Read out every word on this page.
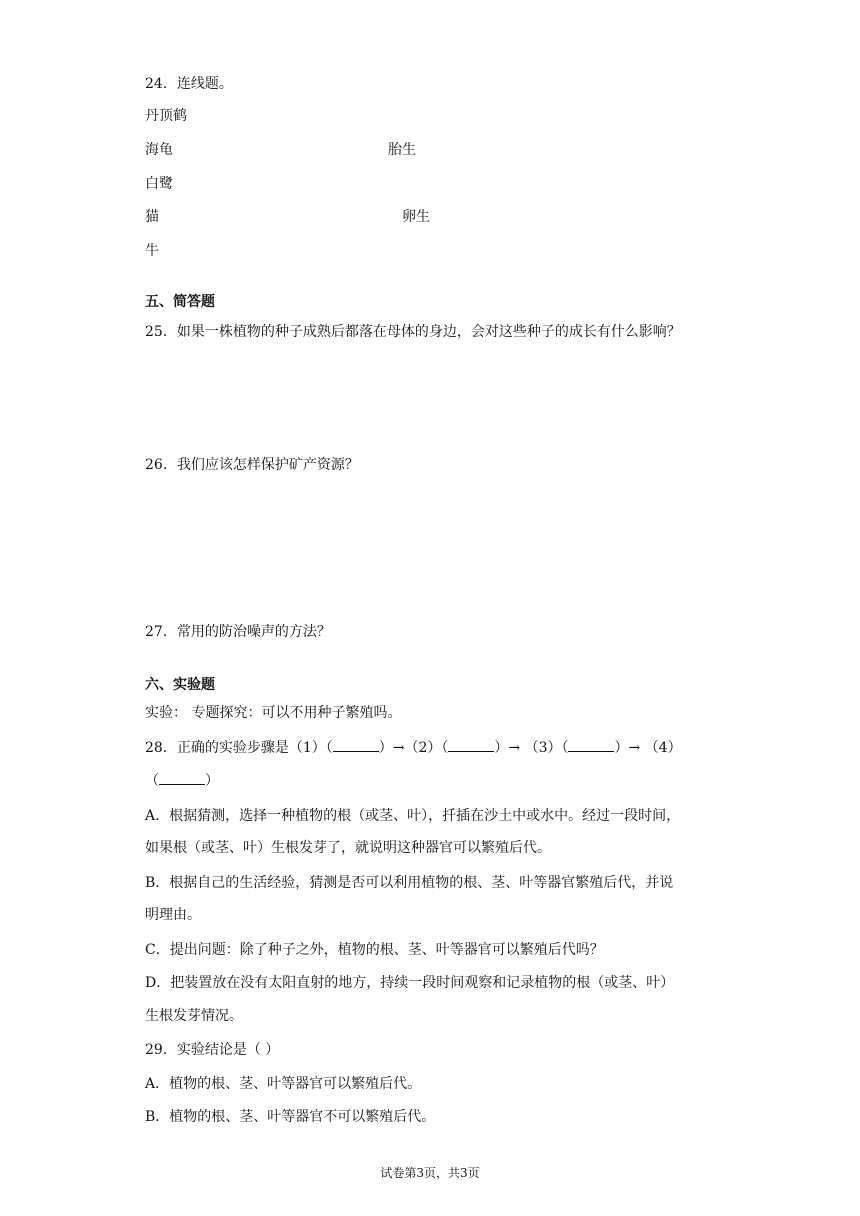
24．连线题。
丹顶鹤
海龟	胎生
白鹭
猫	卵生
牛
五、简答题
25．如果一株植物的种子成熟后都落在母体的身边，会对这些种子的成长有什么影响？
26．我们应该怎样保护矿产资源？
27．常用的防治噪声的方法？
六、实验题
实验： 专题探究：可以不用种子繁殖吗。
28．正确的实验步骤是（1）（	）→（2）（	）→ （3）（	）→ （4）
（	）
A．根据猜测，选择一种植物的根（或茎、叶），扦插在沙土中或水中。经过一段时间，
如果根（或茎、叶）生根发芽了，就说明这种器官可以繁殖后代。
B．根据自己的生活经验，猜测是否可以利用植物的根、茎、叶等器官繁殖后代，并说
明理由。
C．提出问题：除了种子之外，植物的根、茎、叶等器官可以繁殖后代吗？
D．把装置放在没有太阳直射的地方，持续一段时间观察和记录植物的根（或茎、叶）
生根发芽情况。
29．实验结论是（ ）
A．植物的根、茎、叶等器官可以繁殖后代。
B．植物的根、茎、叶等器官不可以繁殖后代。
试卷第3页，共3页
